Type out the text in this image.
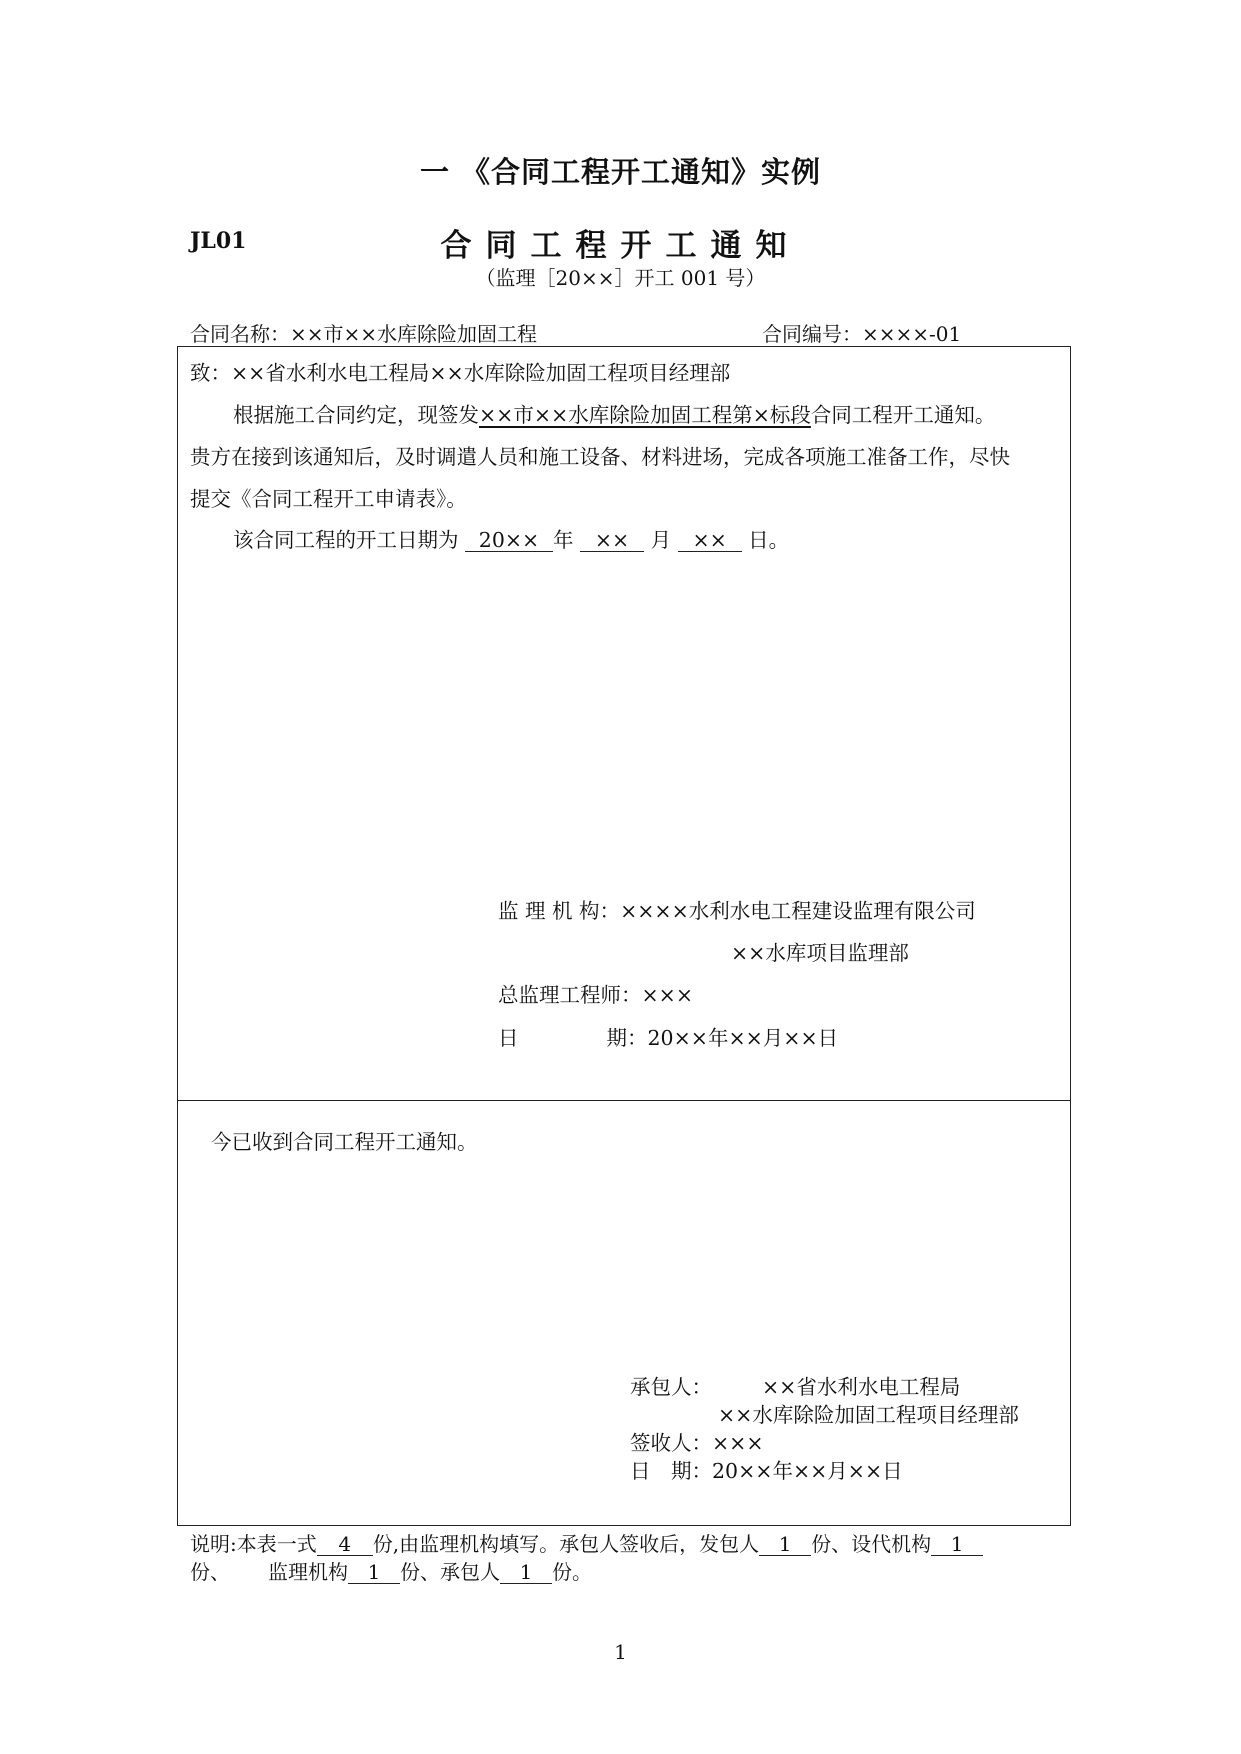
一 《合同工程开工通知》实例
JL01	合同工程开工通知
（监理［20××］开工 001 号）
合同名称：××市××水库除险加固工程	合同编号：××××-01
致：××省水利水电工程局××水库除险加固工程项目经理部
根据施工合同约定，现签发××市××水库除险加固工程第×标段合同工程开工通知。
贵方在接到该通知后，及时调遣人员和施工设备、材料进场，完成各项施工准备工作，尽快
提交《合同工程开工申请表》。
该合同工程的开工日期为 20×× 年 ×× 月 ×× 日。
监 理 机 构：××××水利水电工程建设监理有限公司
××水库项目监理部
总监理工程师：×××
日	期：20××年××月××日
今已收到合同工程开工通知。
承包人： ××省水利水电工程局
××水库除险加固工程项目经理部
签收人：×××
日　期：20××年××月××日
说明:本表一式 4 份,由监理机构填写。承包人签收后，发包人 1 份、设代机构 1
份、 监理机构 1 份、承包人 1 份。
1
